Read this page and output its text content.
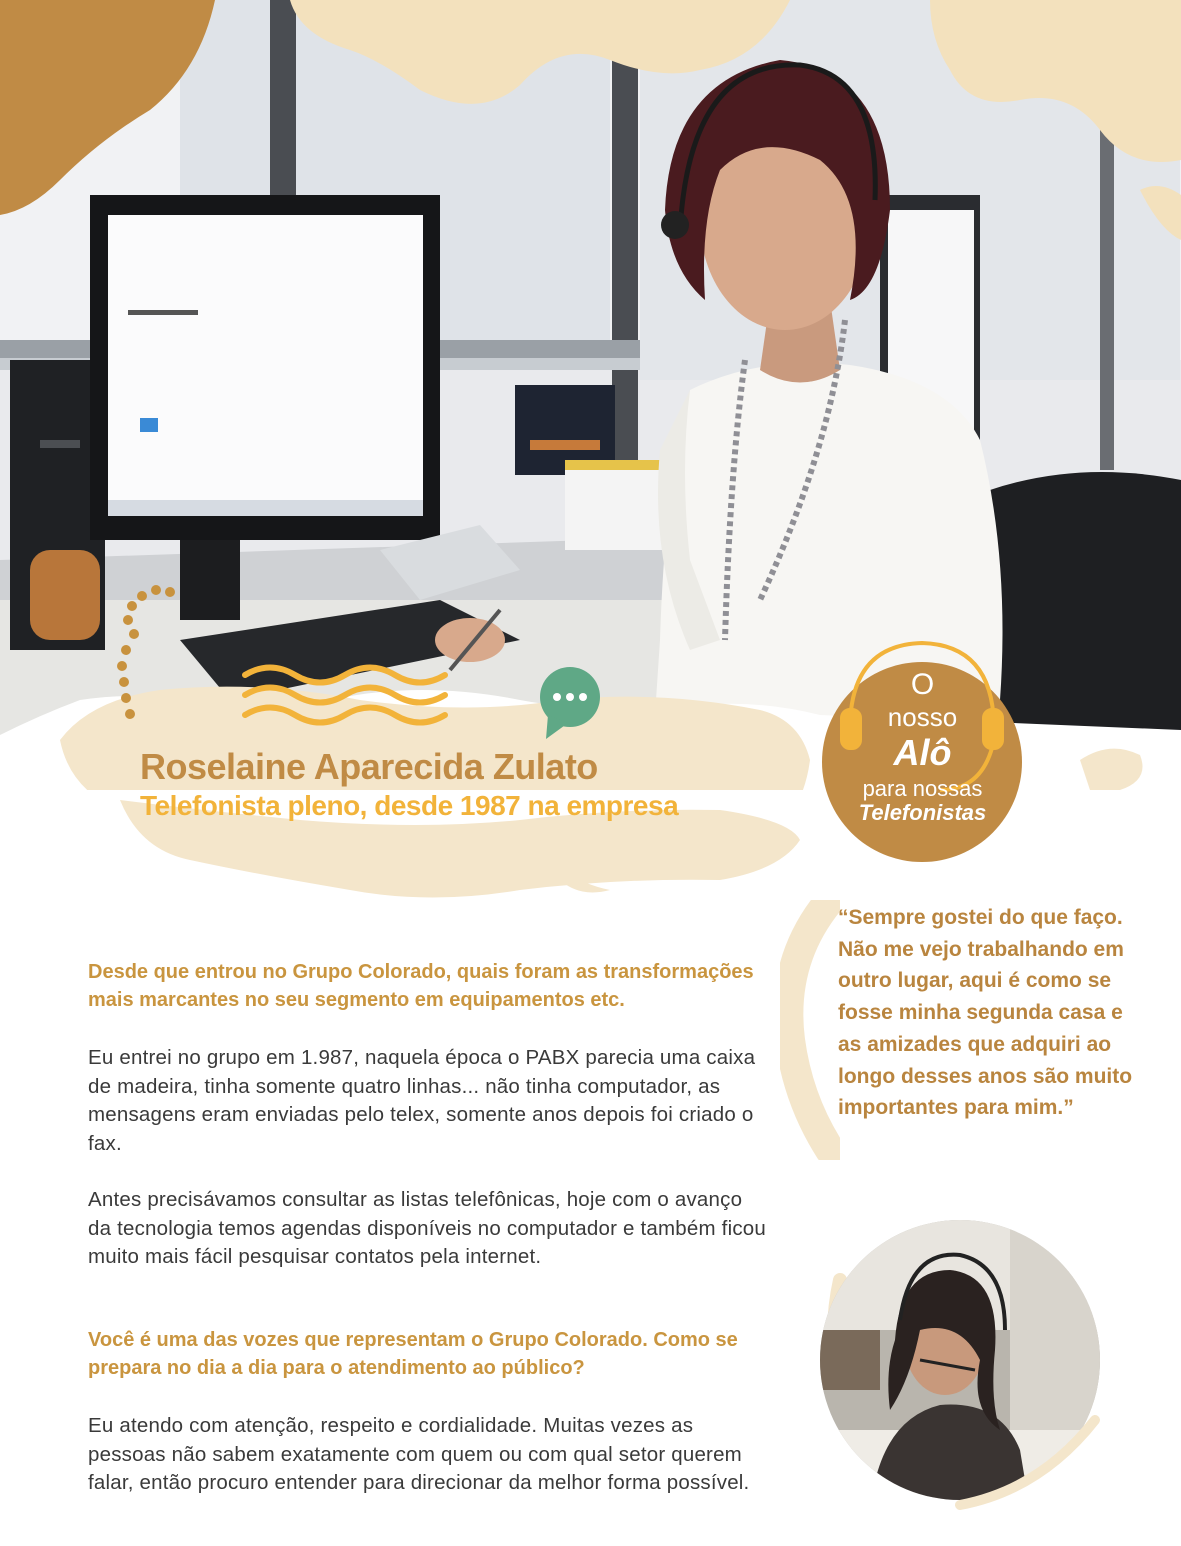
Roselaine Aparecida Zulato
Telefonista pleno, desde 1987 na empresa
O
nosso
Alô
para nossas
Telefonistas

“Sempre gostei do que faço. Não me vejo trabalhando em outro lugar, aqui é como se fosse minha segunda casa e as amizades que adquiri ao longo desses anos são muito importantes para mim.”

Desde que entrou no Grupo Colorado, quais foram as transformações mais marcantes no seu segmento em equipamentos etc.

Eu entrei no grupo em 1.987, naquela época o PABX parecia uma caixa de madeira, tinha somente quatro linhas... não tinha computador, as mensagens eram enviadas pelo telex, somente anos depois foi criado o fax.

Antes precisávamos consultar as listas telefônicas, hoje com o avanço da tecnologia temos agendas disponíveis no computador e também ficou muito mais fácil pesquisar contatos pela internet.

Você é uma das vozes que representam o Grupo Colorado. Como se prepara no dia a dia para o atendimento ao público?

Eu atendo com atenção, respeito e cordialidade. Muitas vezes as pessoas não sabem exatamente com quem ou com qual setor querem falar, então procuro entender para direcionar da melhor forma possível.
